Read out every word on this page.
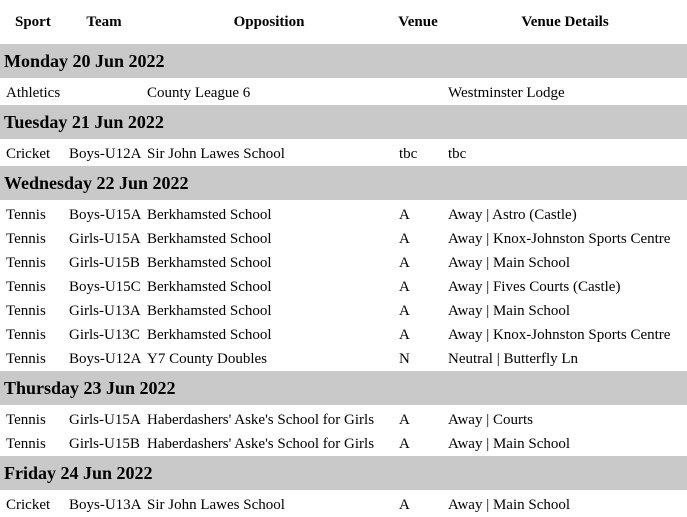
Sport	Team	Opposition	Venue	Venue Details
Monday 20 Jun 2022				
Athletics		County League 6		Westminster Lodge
Tuesday 21 Jun 2022				
Cricket	Boys-U12A	Sir John Lawes School	tbc	tbc
Wednesday 22 Jun 2022				
Tennis	Boys-U15A	Berkhamsted School	A	Away | Astro (Castle)
Tennis	Girls-U15A	Berkhamsted School	A	Away | Knox-Johnston Sports Centre
Tennis	Girls-U15B	Berkhamsted School	A	Away | Main School
Tennis	Boys-U15C	Berkhamsted School	A	Away | Fives Courts (Castle)
Tennis	Girls-U13A	Berkhamsted School	A	Away | Main School
Tennis	Girls-U13C	Berkhamsted School	A	Away | Knox-Johnston Sports Centre
Tennis	Boys-U12A	Y7 County Doubles	N	Neutral | Butterfly Ln
Thursday 23 Jun 2022				
Tennis	Girls-U15A	Haberdashers' Aske's School for Girls	A	Away | Courts
Tennis	Girls-U15B	Haberdashers' Aske's School for Girls	A	Away | Main School
Friday 24 Jun 2022				
Cricket	Boys-U13A	Sir John Lawes School	A	Away | Main School
